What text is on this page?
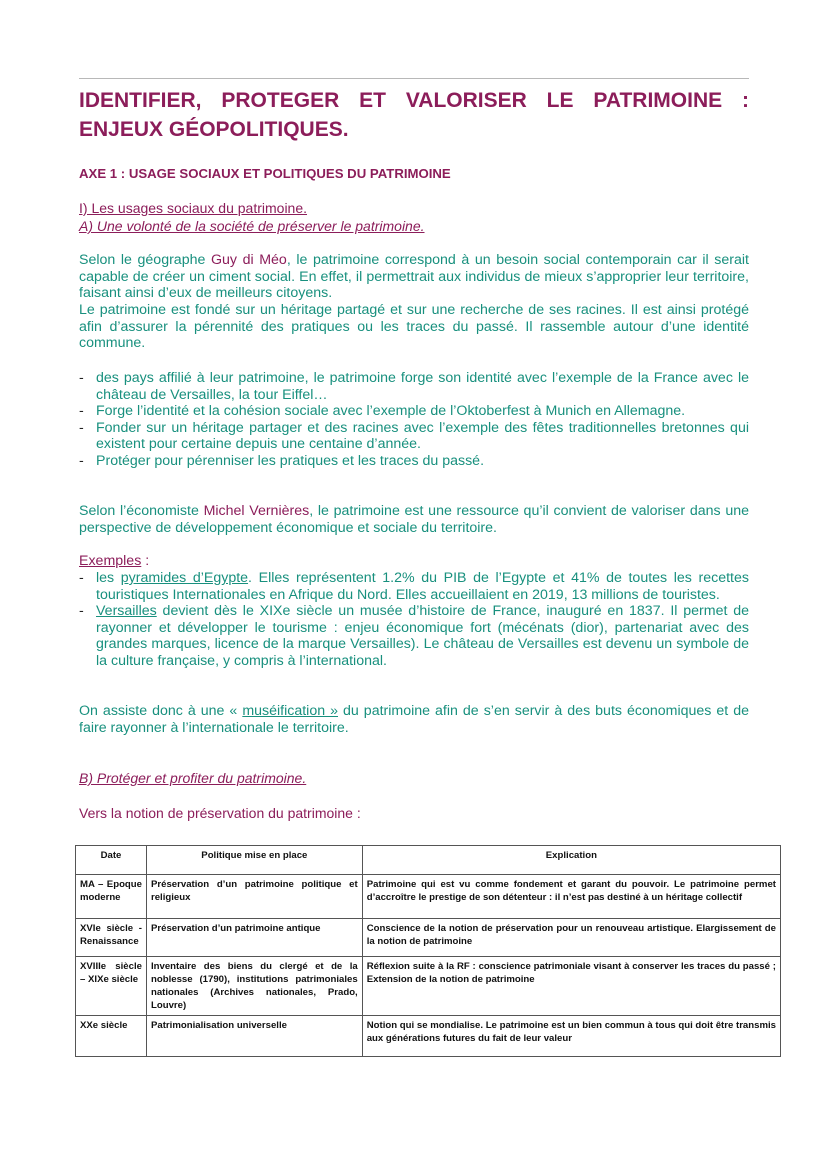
IDENTIFIER, PROTEGER ET VALORISER LE PATRIMOINE : ENJEUX GÉOPOLITIQUES.

AXE 1 : USAGE SOCIAUX ET POLITIQUES DU PATRIMOINE

I) Les usages sociaux du patrimoine.

A) Une volonté de la société de préserver le patrimoine.

Selon le géographe Guy di Méo, le patrimoine correspond à un besoin social contemporain car il serait capable de créer un ciment social. En effet, il permettrait aux individus de mieux s’approprier leur territoire, faisant ainsi d’eux de meilleurs citoyens.

Le patrimoine est fondé sur un héritage partagé et sur une recherche de ses racines. Il est ainsi protégé afin d’assurer la pérennité des pratiques ou les traces du passé. Il rassemble autour d’une identité commune.

- des pays affilié à leur patrimoine, le patrimoine forge son identité avec l’exemple de la France avec le château de Versailles, la tour Eiffel…
- Forge l’identité et la cohésion sociale avec l’exemple de l’Oktoberfest à Munich en Allemagne.
- Fonder sur un héritage partager et des racines avec l’exemple des fêtes traditionnelles bretonnes qui existent pour certaine depuis une centaine d’année.
- Protéger pour pérenniser les pratiques et les traces du passé.

Selon l’économiste Michel Vernières, le patrimoine est une ressource qu’il convient de valoriser dans une perspective de développement économique et sociale du territoire.

Exemples :

- les pyramides d’Egypte. Elles représentent 1.2% du PIB de l’Egypte et 41% de toutes les recettes touristiques Internationales en Afrique du Nord. Elles accueillaient en 2019, 13 millions de touristes.
- Versailles devient dès le XIXe siècle un musée d’histoire de France, inauguré en 1837. Il permet de rayonner et développer le tourisme : enjeu économique fort (mécénats (dior), partenariat avec des grandes marques, licence de la marque Versailles). Le château de Versailles est devenu un symbole de la culture française, y compris à l’international.

On assiste donc à une « muséification » du patrimoine afin de s’en servir à des buts économiques et de faire rayonner à l’internationale le territoire.

B) Protéger et profiter du patrimoine.

Vers la notion de préservation du patrimoine :

Date	Politique mise en place	Explication
MA – Epoque moderne	Préservation d’un patrimoine politique et religieux	Patrimoine qui est vu comme fondement et garant du pouvoir. Le patrimoine permet d’accroître le prestige de son détenteur : il n’est pas destiné à un héritage collectif
XVIe siècle - Renaissance	Préservation d’un patrimoine antique	Conscience de la notion de préservation pour un renouveau artistique. Elargissement de la notion de patrimoine
XVIIIe siècle – XIXe siècle	Inventaire des biens du clergé et de la noblesse (1790), institutions patrimoniales nationales (Archives nationales, Prado, Louvre)	Réflexion suite à la RF : conscience patrimoniale visant à conserver les traces du passé ; Extension de la notion de patrimoine
XXe siècle	Patrimonialisation universelle	Notion qui se mondialise. Le patrimoine est un bien commun à tous qui doit être transmis aux générations futures du fait de leur valeur
